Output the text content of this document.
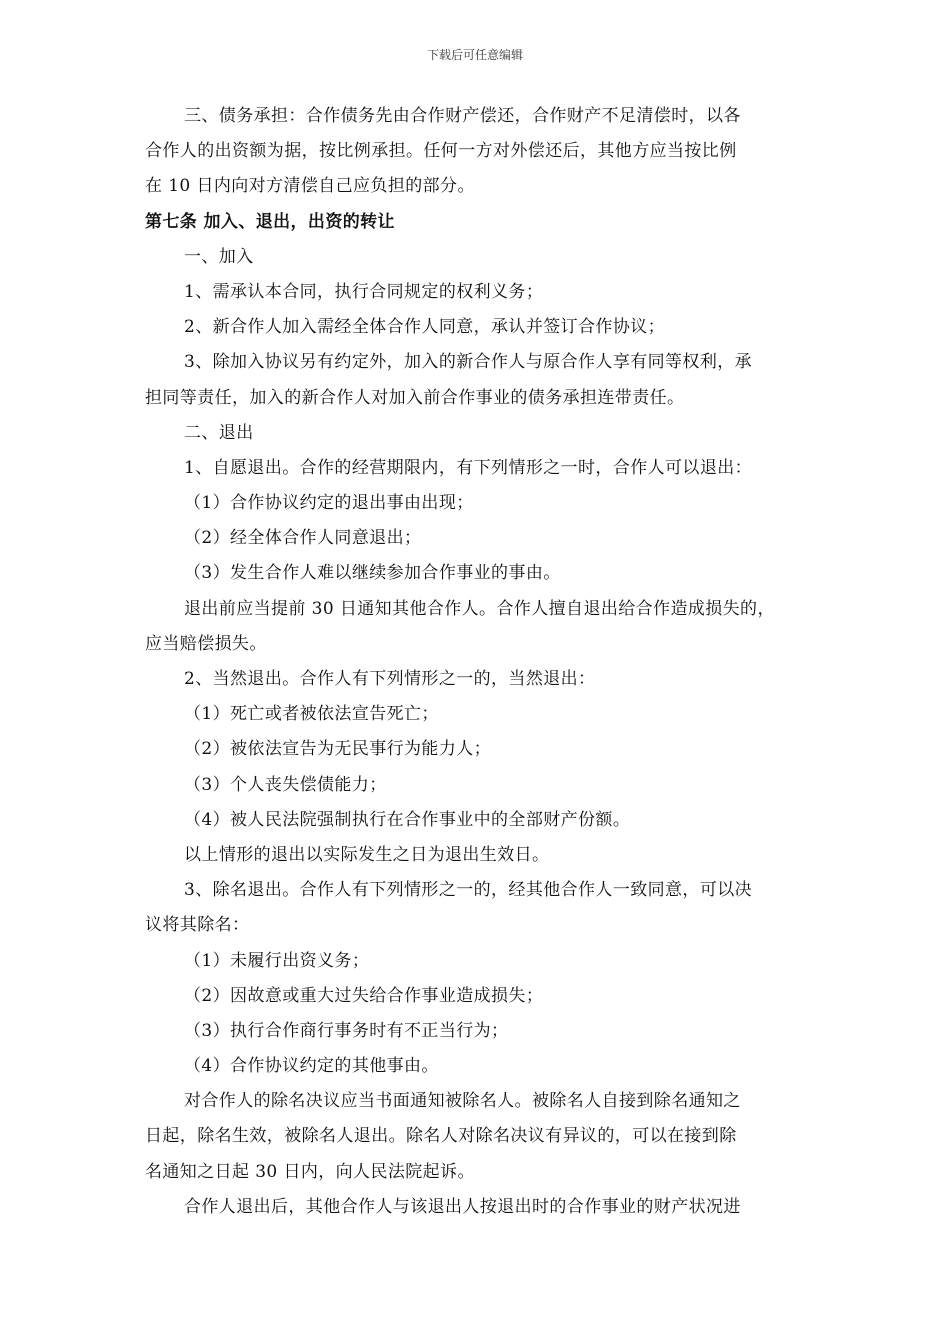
下载后可任意编辑
三、债务承担：合作债务先由合作财产偿还，合作财产不足清偿时，以各
合作人的出资额为据，按比例承担。任何一方对外偿还后，其他方应当按比例
在 10 日内向对方清偿自己应负担的部分。
第七条 加入、退出，出资的转让
一、加入
1、需承认本合同，执行合同规定的权利义务；
2、新合作人加入需经全体合作人同意，承认并签订合作协议；
3、除加入协议另有约定外，加入的新合作人与原合作人享有同等权利，承
担同等责任，加入的新合作人对加入前合作事业的债务承担连带责任。
二、退出
1、自愿退出。合作的经营期限内，有下列情形之一时，合作人可以退出：
（1）合作协议约定的退出事由出现；
（2）经全体合作人同意退出；
（3）发生合作人难以继续参加合作事业的事由。
退出前应当提前 30 日通知其他合作人。合作人擅自退出给合作造成损失的，
应当赔偿损失。
2、当然退出。合作人有下列情形之一的，当然退出：
（1）死亡或者被依法宣告死亡；
（2）被依法宣告为无民事行为能力人；
（3）个人丧失偿债能力；
（4）被人民法院强制执行在合作事业中的全部财产份额。
以上情形的退出以实际发生之日为退出生效日。
3、除名退出。合作人有下列情形之一的，经其他合作人一致同意，可以决
议将其除名：
（1）未履行出资义务；
（2）因故意或重大过失给合作事业造成损失；
（3）执行合作商行事务时有不正当行为；
（4）合作协议约定的其他事由。
对合作人的除名决议应当书面通知被除名人。被除名人自接到除名通知之
日起，除名生效，被除名人退出。除名人对除名决议有异议的，可以在接到除
名通知之日起 30 日内，向人民法院起诉。
合作人退出后，其他合作人与该退出人按退出时的合作事业的财产状况进
